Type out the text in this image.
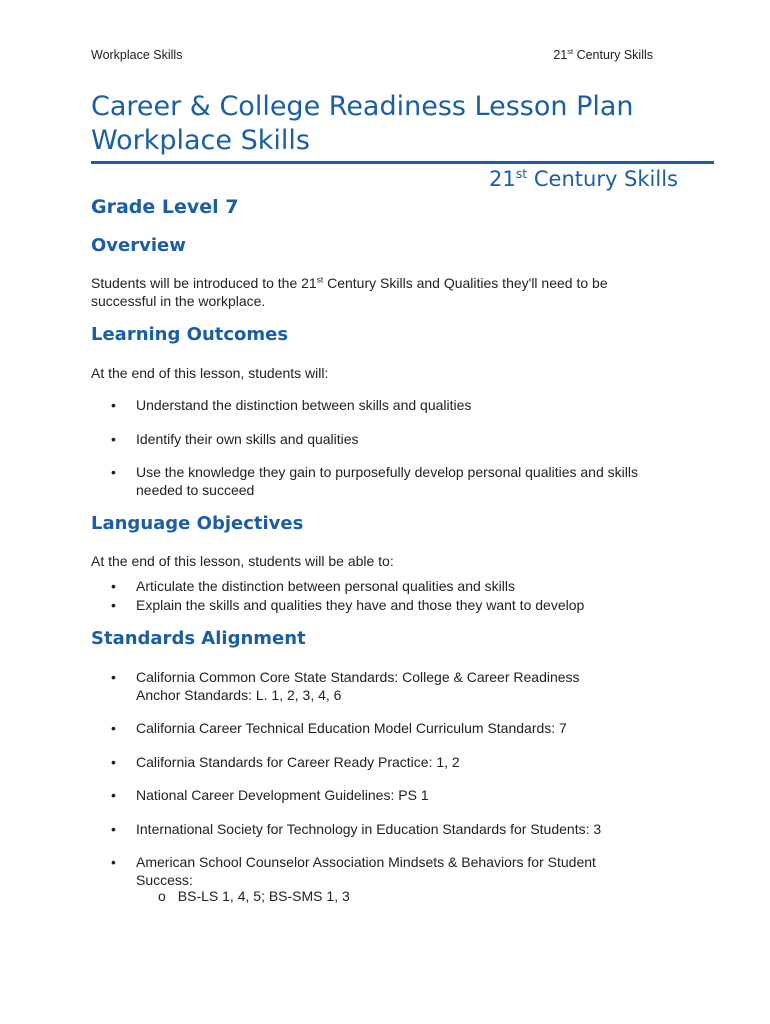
Workplace Skills	21st Century Skills
Career & College Readiness Lesson Plan
Workplace Skills
21st Century Skills
Grade Level 7
Overview

Students will be introduced to the 21st Century Skills and Qualities they'll need to be
successful in the workplace.

Learning Outcomes

At the end of this lesson, students will:

• Understand the distinction between skills and qualities
• Identify their own skills and qualities
• Use the knowledge they gain to purposefully develop personal qualities and skills
needed to succeed
Language Objectives

At the end of this lesson, students will be able to:

• Articulate the distinction between personal qualities and skills
• Explain the skills and qualities they have and those they want to develop
Standards Alignment
• California Common Core State Standards: College & Career Readiness
Anchor Standards: L. 1, 2, 3, 4, 6
• California Career Technical Education Model Curriculum Standards: 7
• California Standards for Career Ready Practice: 1, 2
• National Career Development Guidelines: PS 1
• International Society for Technology in Education Standards for Students: 3
• American School Counselor Association Mindsets & Behaviors for Student
Success:
o BS-LS 1, 4, 5; BS-SMS 1, 3
